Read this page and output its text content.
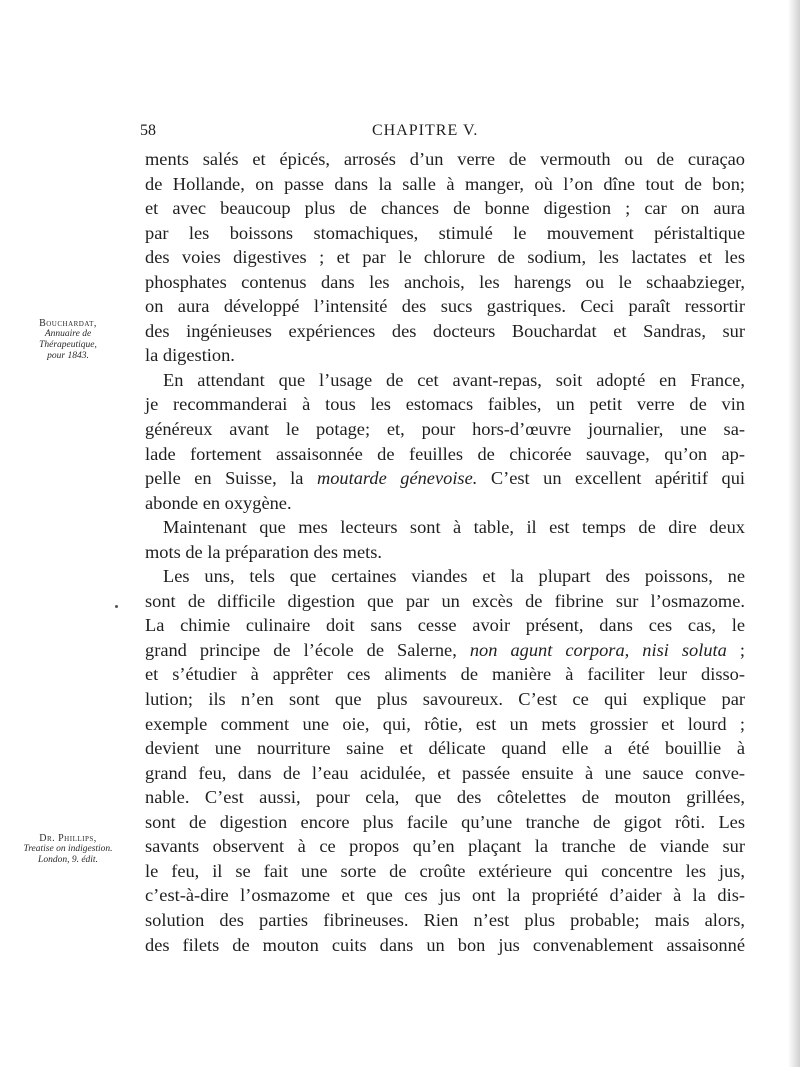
58	CHAPITRE V.
Bouchardat,
Annuaire de
Thérapeutique,
pour 1843.
Dr. Phillips,
Treatise on indigestion.
London, 9. édit.
ments salés et épicés, arrosés d’un verre de vermouth ou de curaçao
de Hollande, on passe dans la salle à manger, où l’on dîne tout de bon;
et avec beaucoup plus de chances de bonne digestion ; car on aura
par les boissons stomachiques, stimulé le mouvement péristaltique
des voies digestives ; et par le chlorure de sodium, les lactates et les
phosphates contenus dans les anchois, les harengs ou le schaabzieger,
on aura développé l’intensité des sucs gastriques. Ceci paraît ressortir
des ingénieuses expériences des docteurs Bouchardat et Sandras, sur
la digestion.
En attendant que l’usage de cet avant-repas, soit adopté en France,
je recommanderai à tous les estomacs faibles, un petit verre de vin
généreux avant le potage; et, pour hors-d’œuvre journalier, une sa-
lade fortement assaisonnée de feuilles de chicorée sauvage, qu’on ap-
pelle en Suisse, la moutarde génevoise. C’est un excellent apéritif qui
abonde en oxygène.
Maintenant que mes lecteurs sont à table, il est temps de dire deux
mots de la préparation des mets.
Les uns, tels que certaines viandes et la plupart des poissons, ne
sont de difficile digestion que par un excès de fibrine sur l’osmazome.
La chimie culinaire doit sans cesse avoir présent, dans ces cas, le
grand principe de l’école de Salerne, non agunt corpora, nisi soluta ;
et s’étudier à apprêter ces aliments de manière à faciliter leur disso-
lution; ils n’en sont que plus savoureux. C’est ce qui explique par
exemple comment une oie, qui, rôtie, est un mets grossier et lourd ;
devient une nourriture saine et délicate quand elle a été bouillie à
grand feu, dans de l’eau acidulée, et passée ensuite à une sauce conve-
nable. C’est aussi, pour cela, que des côtelettes de mouton grillées,
sont de digestion encore plus facile qu’une tranche de gigot rôti. Les
savants observent à ce propos qu’en plaçant la tranche de viande sur
le feu, il se fait une sorte de croûte extérieure qui concentre les jus,
c’est-à-dire l’osmazome et que ces jus ont la propriété d’aider à la dis-
solution des parties fibrineuses. Rien n’est plus probable; mais alors,
des filets de mouton cuits dans un bon jus convenablement assaisonné
